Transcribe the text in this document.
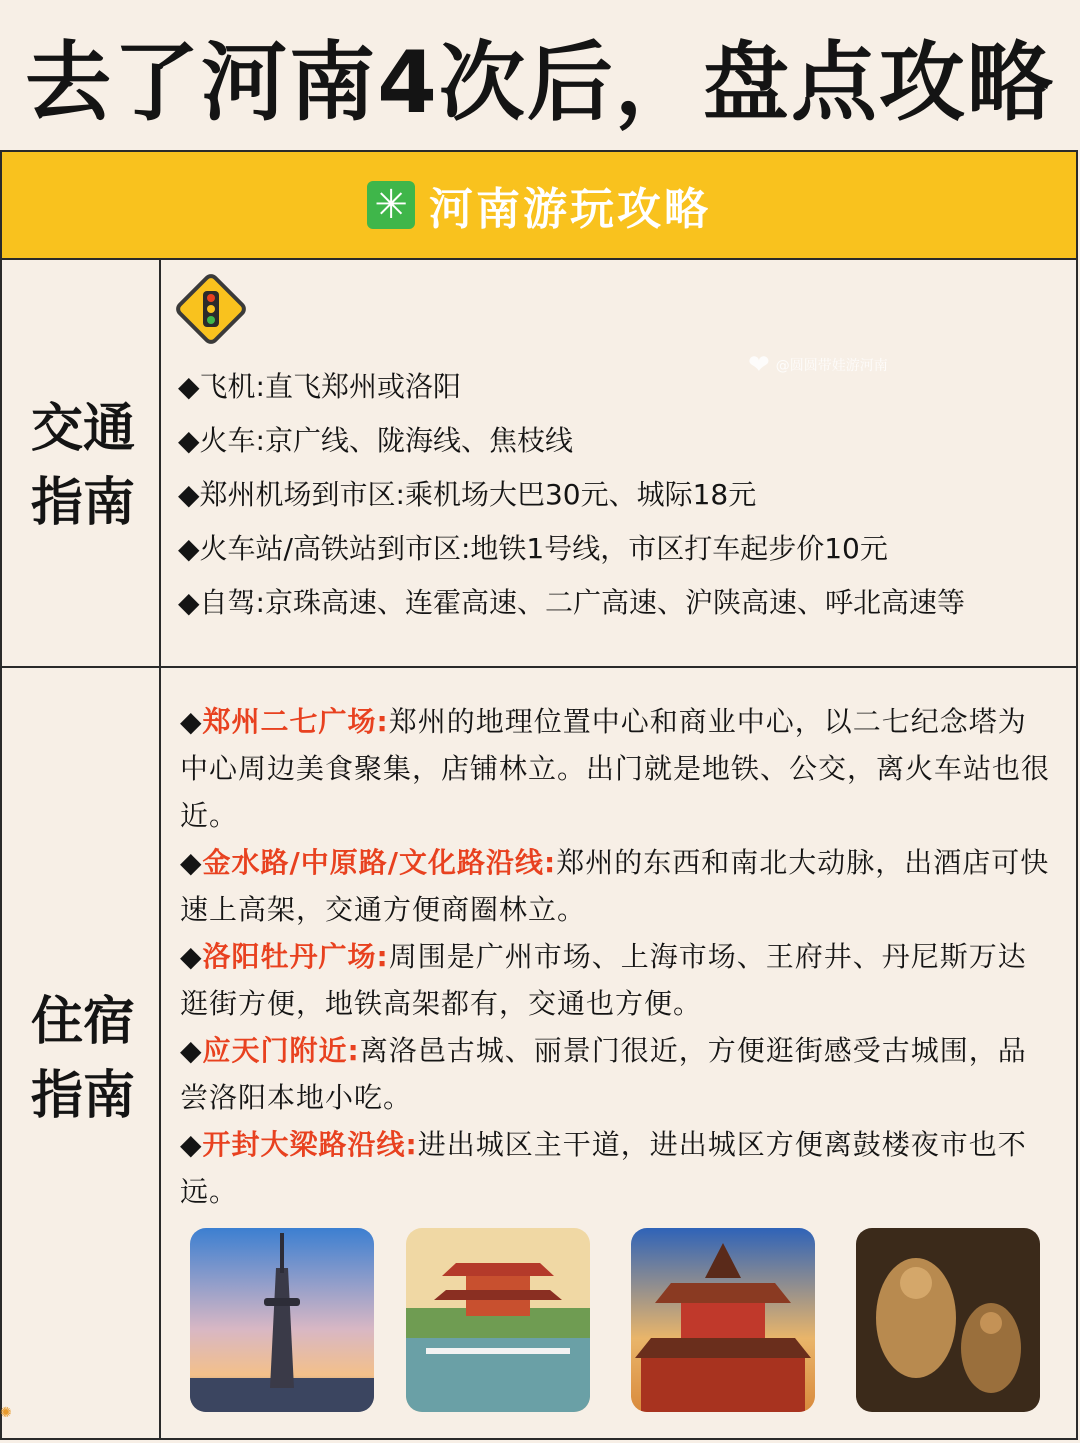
去了河南4次后，盘点攻略
✳ 河南游玩攻略
交通
指南
❤ @圆圆带娃游河南
◆飞机:直飞郑州或洛阳
◆火车:京广线、陇海线、焦枝线
◆郑州机场到市区:乘机场大巴30元、城际18元
◆火车站/高铁站到市区:地铁1号线，市区打车起步价10元
◆自驾:京珠高速、连霍高速、二广高速、沪陕高速、呼北高速等
住宿
指南
◆郑州二七广场:郑州的地理位置中心和商业中心，以二七纪念塔为中心周边美食聚集，店铺林立。出门就是地铁、公交，离火车站也很近。
◆金水路/中原路/文化路沿线:郑州的东西和南北大动脉，出酒店可快速上高架，交通方便商圈林立。
◆洛阳牡丹广场:周围是广州市场、上海市场、王府井、丹尼斯万达逛街方便，地铁高架都有，交通也方便。
◆应天门附近:离洛邑古城、丽景门很近，方便逛街感受古城围，品尝洛阳本地小吃。
◆开封大梁路沿线:进出城区主干道，进出城区方便离鼓楼夜市也不远。
✺
